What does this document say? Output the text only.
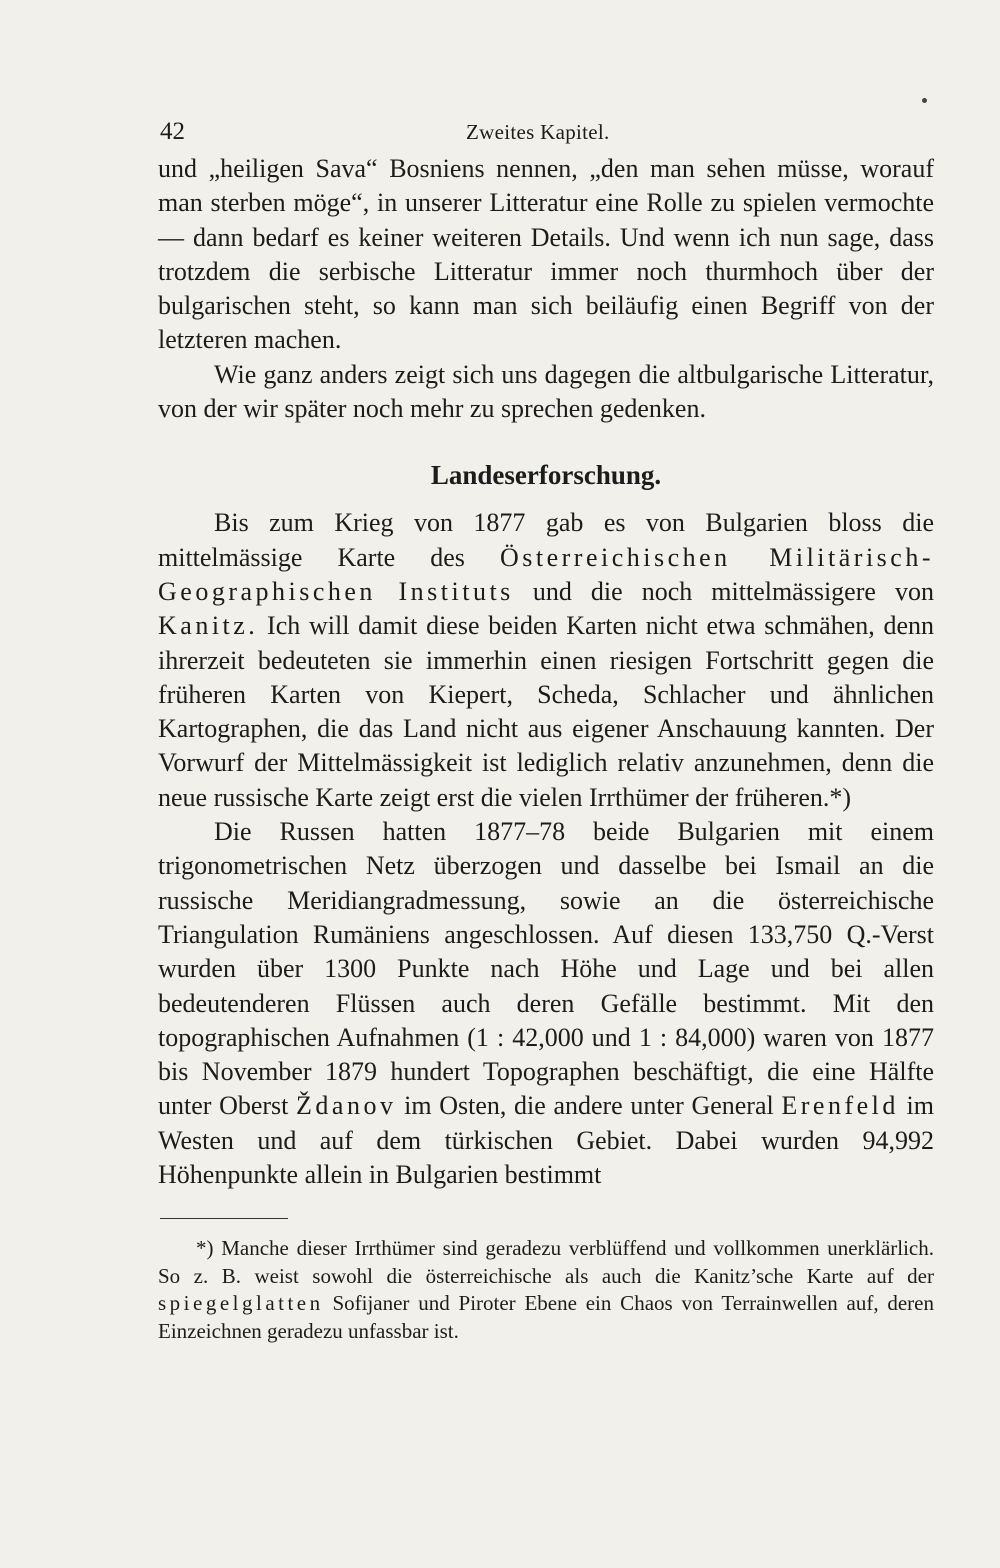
42	Zweites Kapitel.

und „heiligen Sava“ Bosniens nennen, „den man sehen müsse, worauf man sterben möge“, in unserer Litteratur eine Rolle zu spielen vermochte — dann bedarf es keiner weiteren Details. Und wenn ich nun sage, dass trotzdem die serbische Litteratur immer noch thurmhoch über der bulgarischen steht, so kann man sich beiläufig einen Begriff von der letzteren machen.

Wie ganz anders zeigt sich uns dagegen die altbulgarische Litteratur, von der wir später noch mehr zu sprechen gedenken.

Landeserforschung.

Bis zum Krieg von 1877 gab es von Bulgarien bloss die mittelmässige Karte des Österreichischen Militärisch-Geographischen Instituts und die noch mittelmässigere von Kanitz. Ich will damit diese beiden Karten nicht etwa schmähen, denn ihrerzeit bedeuteten sie immerhin einen riesigen Fortschritt gegen die früheren Karten von Kiepert, Scheda, Schlacher und ähnlichen Kartographen, die das Land nicht aus eigener Anschauung kannten. Der Vorwurf der Mittelmässigkeit ist lediglich relativ anzunehmen, denn die neue russische Karte zeigt erst die vielen Irrthümer der früheren.*)

Die Russen hatten 1877–78 beide Bulgarien mit einem trigonometrischen Netz überzogen und dasselbe bei Ismail an die russische Meridiangradmessung, sowie an die österreichische Triangulation Rumäniens angeschlossen. Auf diesen 133,750 Q.-Verst wurden über 1300 Punkte nach Höhe und Lage und bei allen bedeutenderen Flüssen auch deren Gefälle bestimmt. Mit den topographischen Aufnahmen (1 : 42,000 und 1 : 84,000) waren von 1877 bis November 1879 hundert Topographen beschäftigt, die eine Hälfte unter Oberst Ždanov im Osten, die andere unter General Erenfeld im Westen und auf dem türkischen Gebiet. Dabei wurden 94,992 Höhenpunkte allein in Bulgarien bestimmt

*) Manche dieser Irrthümer sind geradezu verblüffend und vollkommen unerklärlich. So z. B. weist sowohl die österreichische als auch die Kanitz’sche Karte auf der spiegelglatten Sofijaner und Piroter Ebene ein Chaos von Terrainwellen auf, deren Einzeichnen geradezu unfassbar ist.
